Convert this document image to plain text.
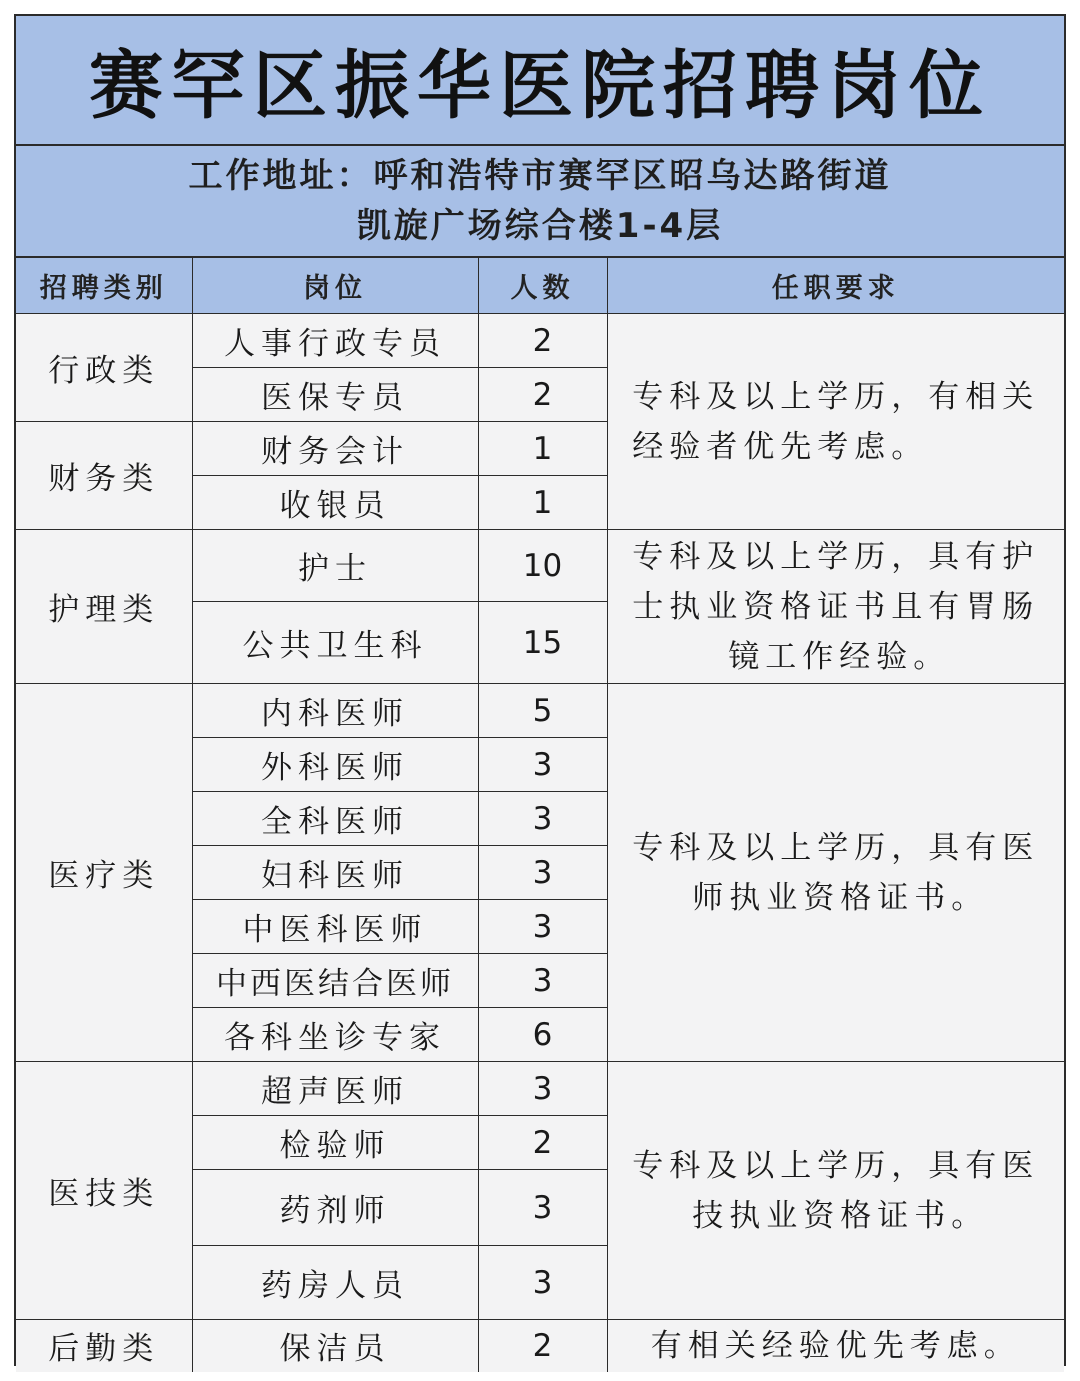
赛罕区振华医院招聘岗位
工作地址：呼和浩特市赛罕区昭乌达路街道
凯旋广场综合楼1-4层
招聘类别	岗位	人数	任职要求
行政类	人事行政专员	2	专科及以上学历，有相关
经验者优先考虑。
	医保专员	2	
财务类	财务会计	1	
	收银员	1	
护理类	护士	10	专科及以上学历，具有护
士执业资格证书且有胃肠
镜工作经验。
	公共卫生科	15	
医疗类	内科医师	5	专科及以上学历，具有医
师执业资格证书。
	外科医师	3	
	全科医师	3	
	妇科医师	3	
	中医科医师	3	
	中西医结合医师	3	
	各科坐诊专家	6	
医技类	超声医师	3	专科及以上学历，具有医
技执业资格证书。
	检验师	2	
	药剂师	3	
	药房人员	3	
后勤类	保洁员	2	有相关经验优先考虑。
